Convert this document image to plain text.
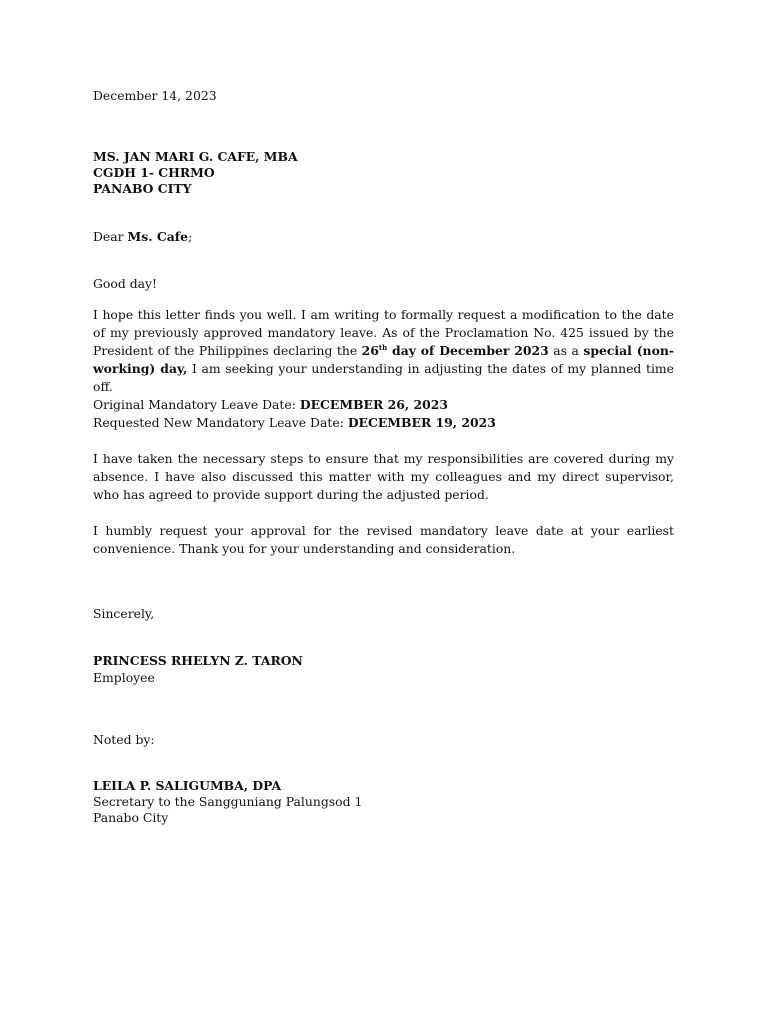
December 14, 2023

MS. JAN MARI G. CAFE, MBA
CGDH 1- CHRMO
PANABO CITY

Dear Ms. Cafe;

Good day!

I hope this letter finds you well. I am writing to formally request a modification to the date of my previously approved mandatory leave. As of the Proclamation No. 425 issued by the President of the Philippines declaring the 26th day of December 2023 as a special (non-working) day, I am seeking your understanding in adjusting the dates of my planned time off.

Original Mandatory Leave Date: DECEMBER 26, 2023
Requested New Mandatory Leave Date: DECEMBER 19, 2023

I have taken the necessary steps to ensure that my responsibilities are covered during my absence. I have also discussed this matter with my colleagues and my direct supervisor, who has agreed to provide support during the adjusted period.

I humbly request your approval for the revised mandatory leave date at your earliest convenience. Thank you for your understanding and consideration.

Sincerely,

PRINCESS RHELYN Z. TARON
Employee

Noted by:

LEILA P. SALIGUMBA, DPA
Secretary to the Sangguniang Palungsod 1
Panabo City
